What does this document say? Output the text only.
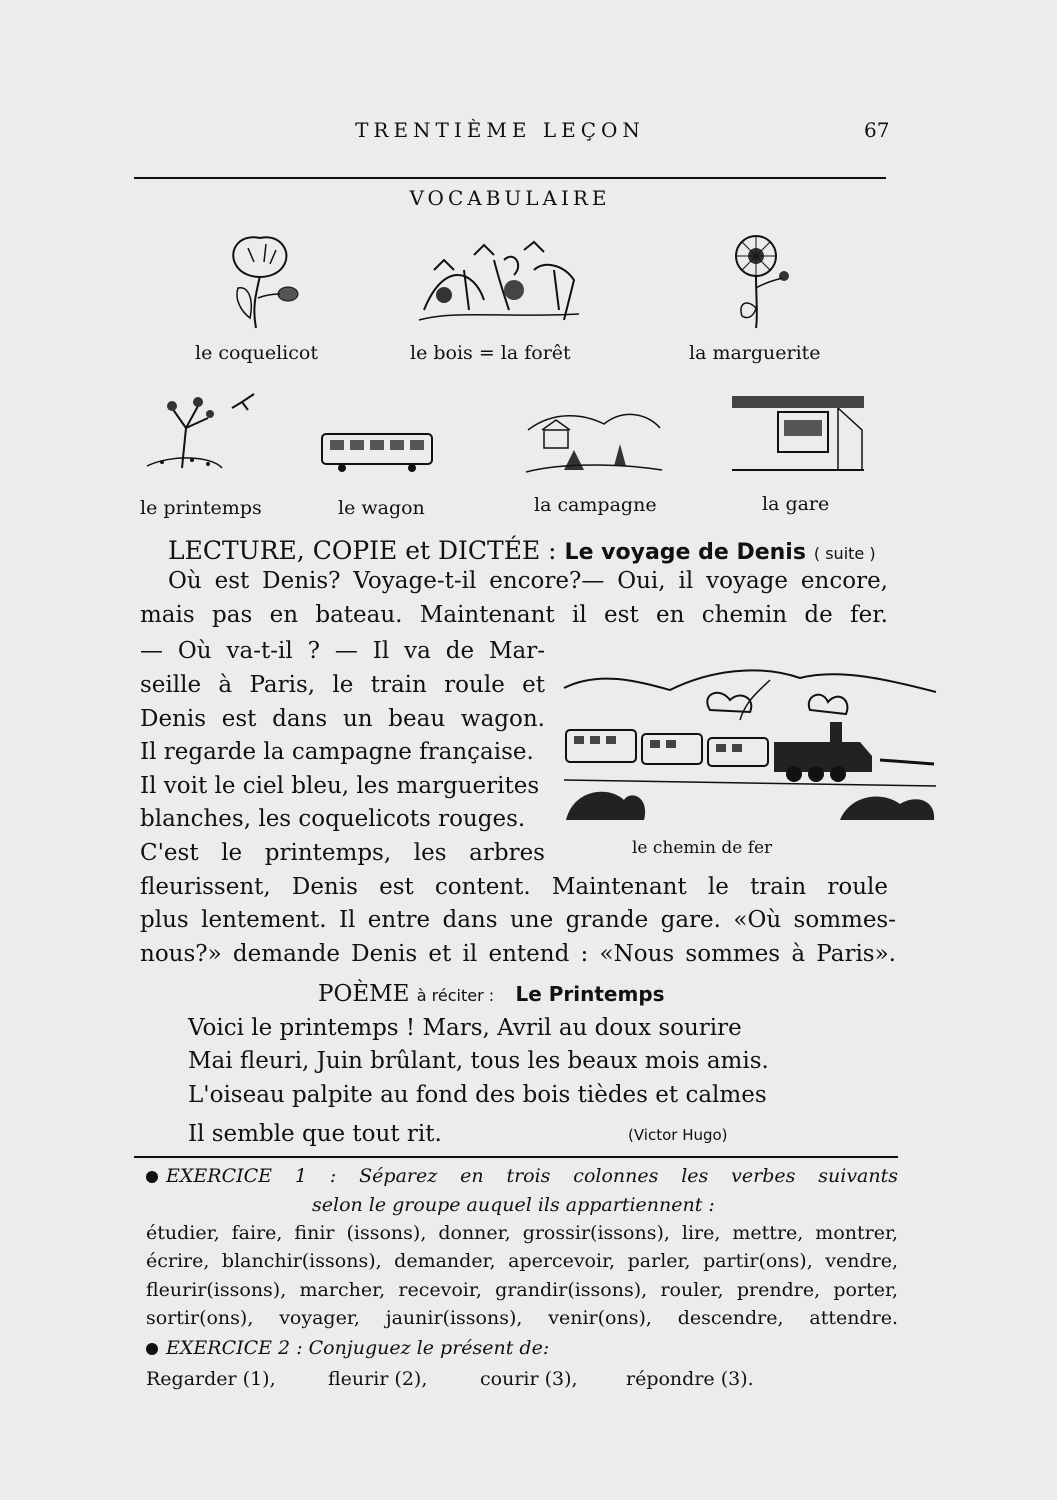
TRENTIÈME LEÇON	67
VOCABULAIRE
le coquelicot	le bois = la forêt	la marguerite
le printemps	le wagon	la campagne	la gare
LECTURE, COPIE et DICTÉE : Le voyage de Denis ( suite )
Où est Denis? Voyage-t-il encore?— Oui, il voyage encore,
mais pas en bateau. Maintenant il est en chemin de fer.
— Où va-t-il ? — Il va de Mar-
seille à Paris, le train roule et
Denis est dans un beau wagon.
Il regarde la campagne française.
Il voit le ciel bleu, les marguerites
blanches, les coquelicots rouges.
C'est le printemps, les arbres
fleurissent, Denis est content. Maintenant le train roule
plus lentement. Il entre dans une grande gare. «Où sommes-
nous?» demande Denis et il entend : «Nous sommes à Paris».
le chemin de fer
POÈME à réciter : Le Printemps
Voici le printemps ! Mars, Avril au doux sourire
Mai fleuri, Juin brûlant, tous les beaux mois amis.
L'oiseau palpite au fond des bois tièdes et calmes
Il semble que tout rit.	(Victor Hugo)
EXERCICE 1 : Séparez en trois colonnes les verbes suivants
selon le groupe auquel ils appartiennent :
étudier, faire, finir (issons), donner, grossir(issons), lire, mettre, montrer,
écrire, blanchir(issons), demander, apercevoir, parler, partir(ons), vendre,
fleurir(issons), marcher, recevoir, grandir(issons), rouler, prendre, porter,
sortir(ons), voyager, jaunir(issons), venir(ons), descendre, attendre.
EXERCICE 2 : Conjuguez le présent de:
Regarder (1),	fleurir (2),	courir (3),	répondre (3).
